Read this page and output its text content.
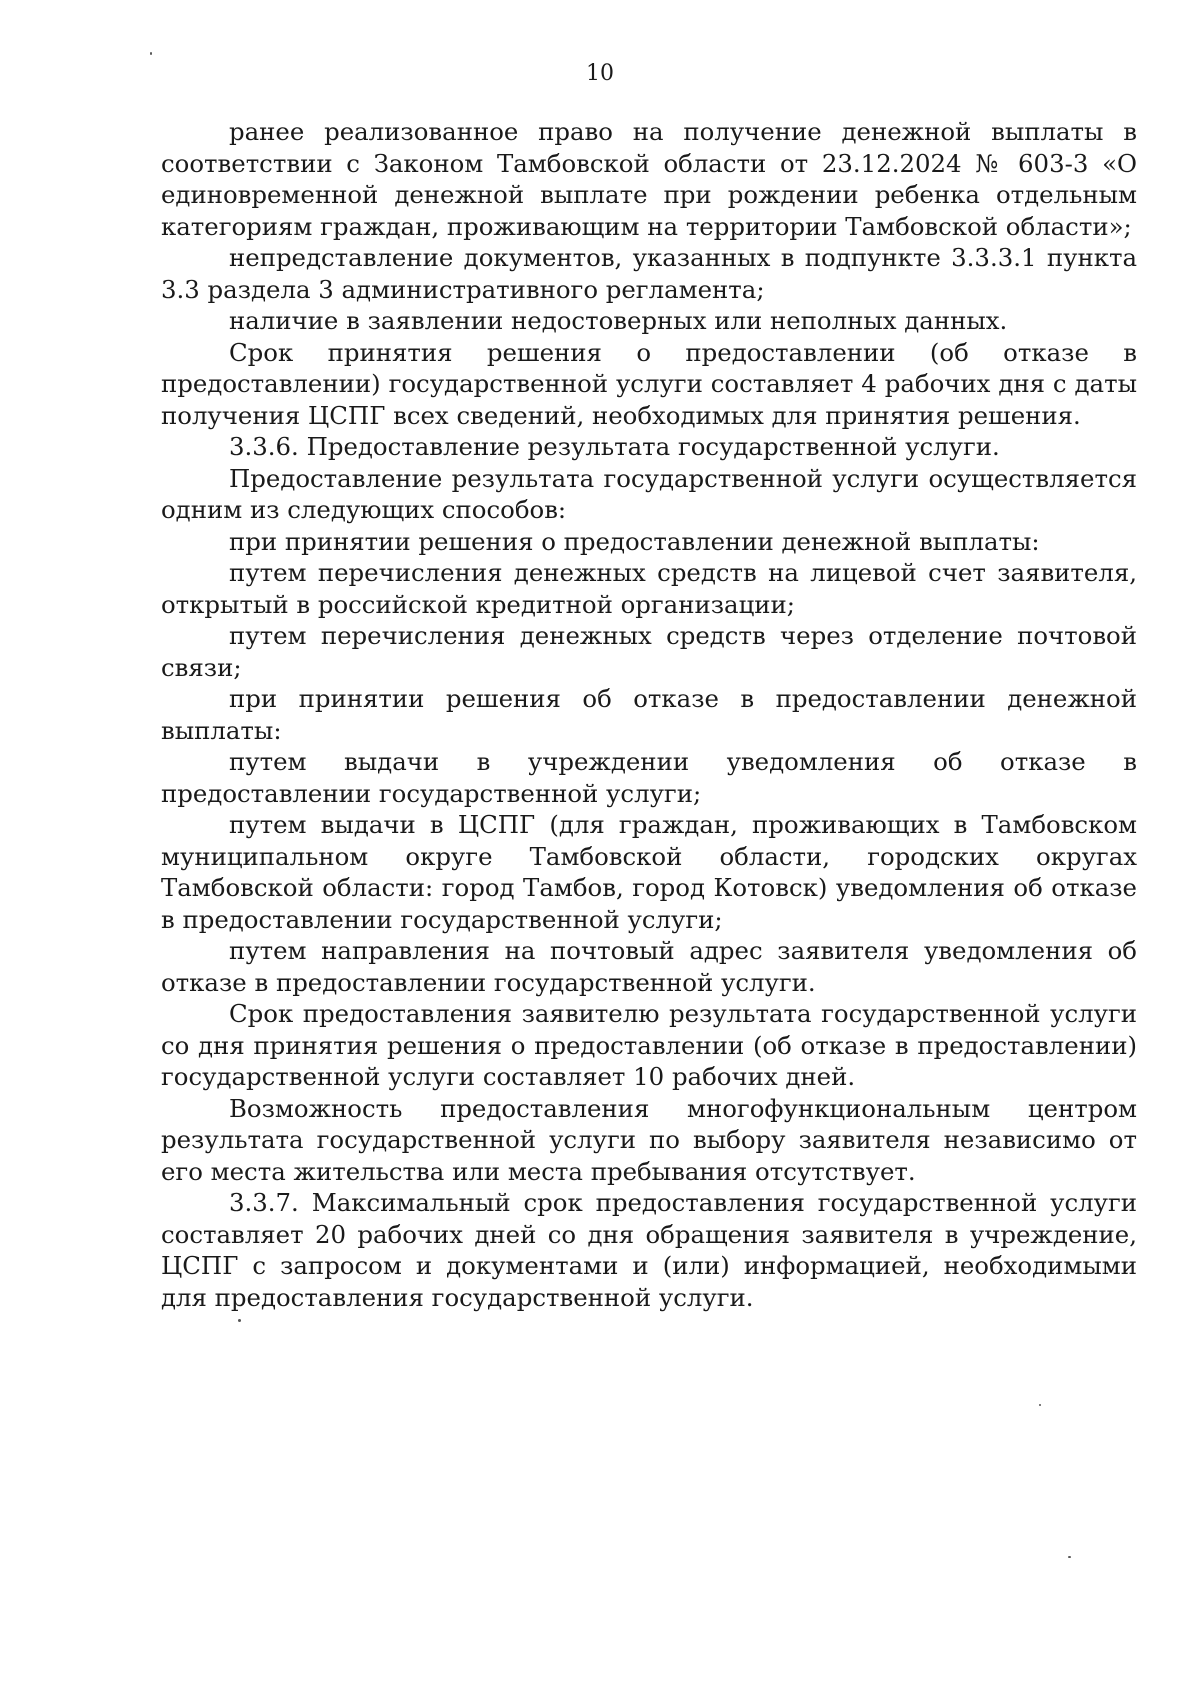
10

ранее реализованное право на получение денежной выплаты в соответствии с Законом Тамбовской области от 23.12.2024 № 603-3 «О единовременной денежной выплате при рождении ребенка отдельным категориям граждан, проживающим на территории Тамбовской области»;

непредставление документов, указанных в подпункте 3.3.3.1 пункта 3.3 раздела 3 административного регламента;

наличие в заявлении недостоверных или неполных данных.

Срок принятия решения о предоставлении (об отказе в предоставлении) государственной услуги составляет 4 рабочих дня с даты получения ЦСПГ всех сведений, необходимых для принятия решения.

3.3.6. Предоставление результата государственной услуги.

Предоставление результата государственной услуги осуществляется одним из следующих способов:

при принятии решения о предоставлении денежной выплаты:

путем перечисления денежных средств на лицевой счет заявителя, открытый в российской кредитной организации;

путем перечисления денежных средств через отделение почтовой связи;

при принятии решения об отказе в предоставлении денежной выплаты:

путем выдачи в учреждении уведомления об отказе в предоставлении государственной услуги;

путем выдачи в ЦСПГ (для граждан, проживающих в Тамбовском муниципальном округе Тамбовской области, городских округах Тамбовской области: город Тамбов, город Котовск) уведомления об отказе в предоставлении государственной услуги;

путем направления на почтовый адрес заявителя уведомления об отказе в предоставлении государственной услуги.

Срок предоставления заявителю результата государственной услуги со дня принятия решения о предоставлении (об отказе в предоставлении) государственной услуги составляет 10 рабочих дней.

Возможность предоставления многофункциональным центром результата государственной услуги по выбору заявителя независимо от его места жительства или места пребывания отсутствует.

3.3.7. Максимальный срок предоставления государственной услуги составляет 20 рабочих дней со дня обращения заявителя в учреждение, ЦСПГ с запросом и документами и (или) информацией, необходимыми для предоставления государственной услуги.
